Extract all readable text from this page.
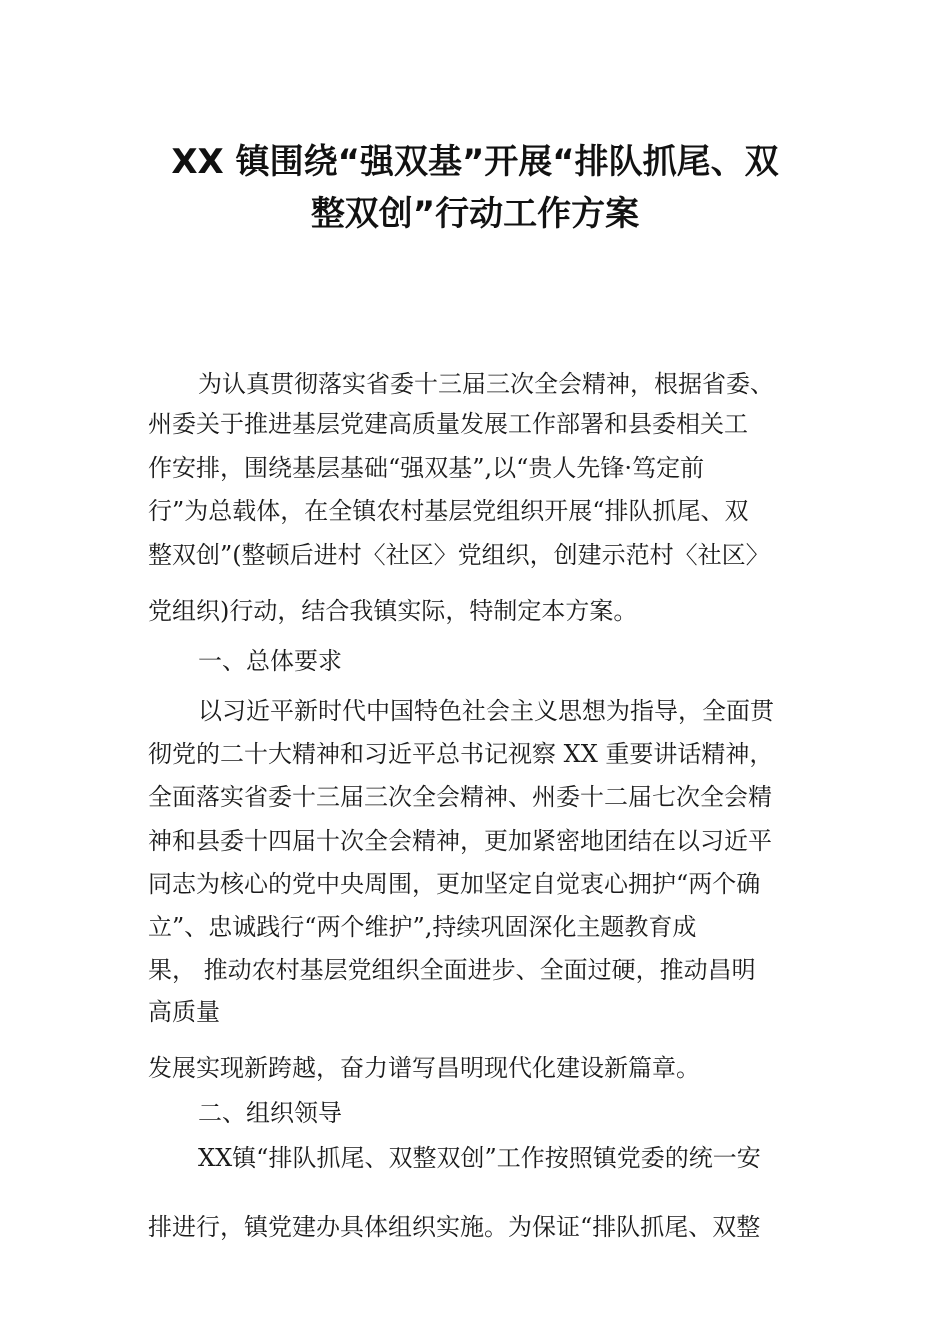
XX 镇围绕“强双基”开展“排队抓尾、双
整双创”行动工作方案
为认真贯彻落实省委十三届三次全会精神，根据省委、
州委关于推进基层党建高质量发展工作部署和县委相关工
作安排，围绕基层基础“强双基”,以“贵人先锋·笃定前
行”为总载体，在全镇农村基层党组织开展“排队抓尾、双
整双创”(整顿后进村〈社区〉党组织，创建示范村〈社区〉
党组织)行动，结合我镇实际，特制定本方案。
一、总体要求
以习近平新时代中国特色社会主义思想为指导，全面贯
彻党的二十大精神和习近平总书记视察 XX 重要讲话精神，
全面落实省委十三届三次全会精神、州委十二届七次全会精
神和县委十四届十次全会精神，更加紧密地团结在以习近平
同志为核心的党中央周围，更加坚定自觉衷心拥护“两个确
立”、忠诚践行“两个维护”,持续巩固深化主题教育成
果， 推动农村基层党组织全面进步、全面过硬，推动昌明
高质量
发展实现新跨越，奋力谱写昌明现代化建设新篇章。
二、组织领导
XX镇“排队抓尾、双整双创”工作按照镇党委的统一安
排进行，镇党建办具体组织实施。为保证“排队抓尾、双整
